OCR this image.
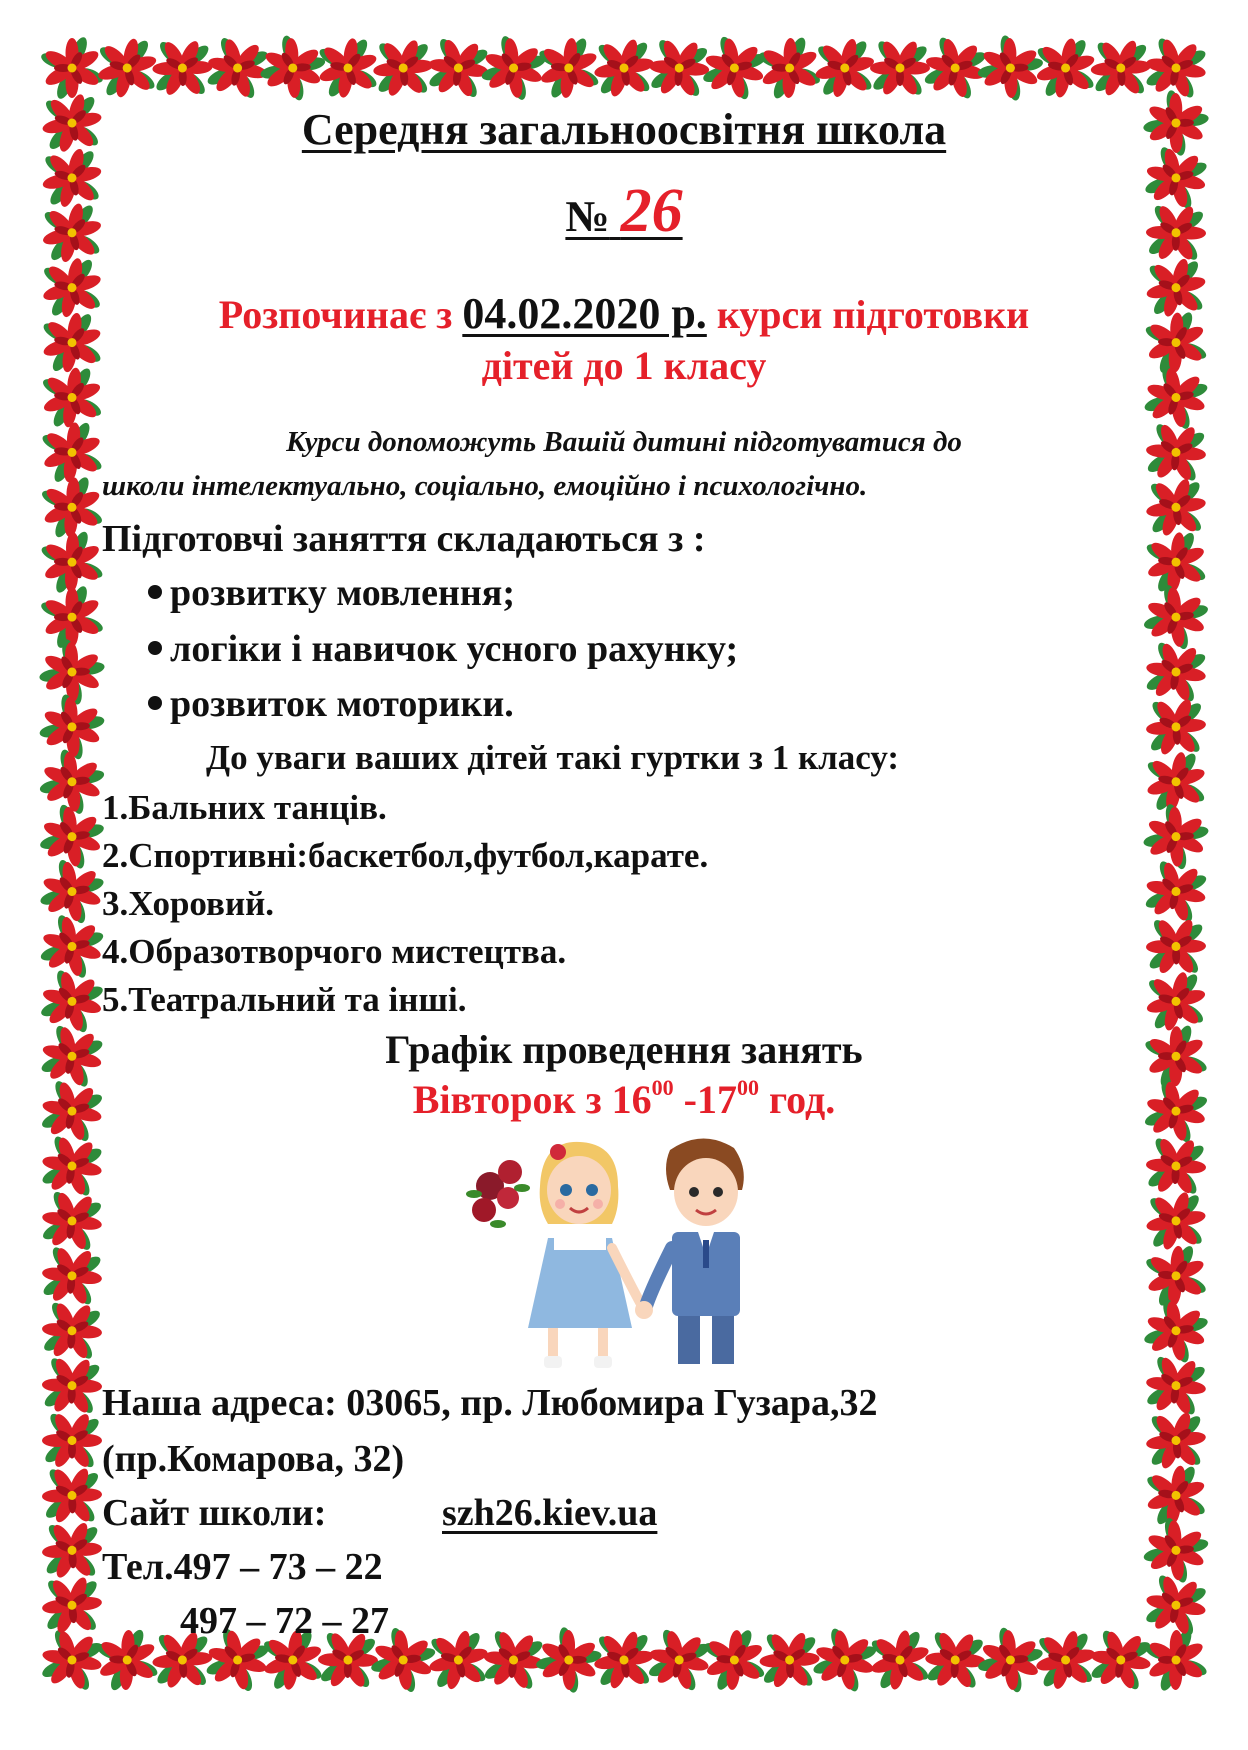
Середня загальноосвітня школа
№ 26
Розпочинає з 04.02.2020 р. курси підготовки
дітей до 1 класу
Курси допоможуть Вашій дитині підготуватися до
школи інтелектуально, соціально, емоційно і психологічно.
Підготовчі заняття складаються з :
розвитку мовлення;
логіки і навичок усного рахунку;
розвиток моторики.
До уваги ваших дітей такі гуртки з 1 класу:
1.Бальних танців.
2.Спортивні:баскетбол,футбол,карате.
3.Хоровий.
4.Образотворчого мистецтва.
5.Театральний та інші.
Графік проведення занять
Вівторок з $16^{00}$ $-17^{00}$ год.
Наша адреса: 03065, пр. Любомира Гузара,32
(пр.Комарова, 32)
Сайт школи:	szh26.kiev.ua
Тел.497 – 73 – 22
497 – 72 – 27
